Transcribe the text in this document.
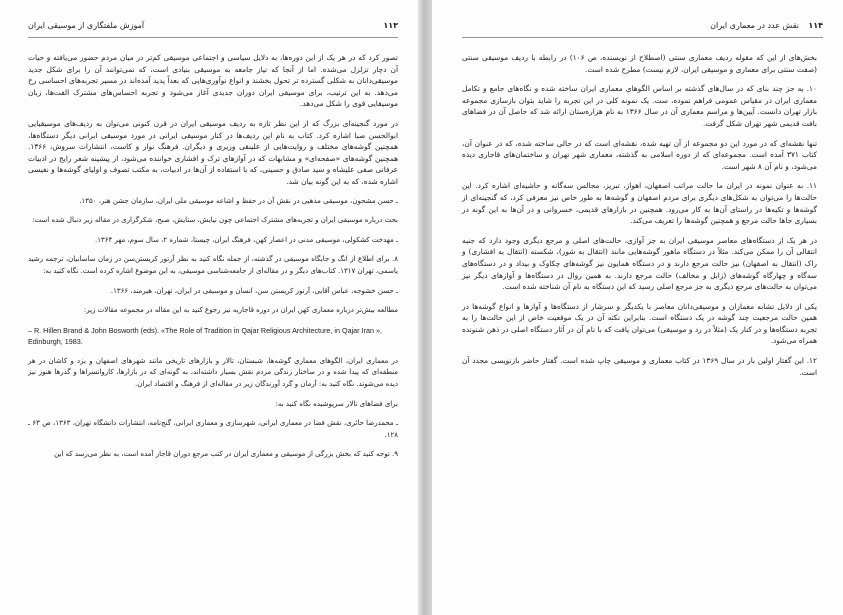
۱۱۳
آموزش ملفتگاری از موسیقی ایران

تصور کرد که در هر یک از این دوره‌ها، به دلایل سیاسی و اجتماعی موسیقی کم‌تر در میان مردم حضور می‌یافته و حیات آن دچار تزلزل می‌شده. اما از آنجا که نیاز جامعه به موسیقی بنیادی است، که نمی‌توانند آن را برای شکل جدید موسیقی‌دانان به شکلی گسترده تر تحول بخشند و انواع نوآوری‌هایی که بعداً پدید آمده‌اند در مسیر تجربه‌های احساسی رخ می‌دهد. به این ترتیب، برای موسیقی ایران دوران جدیدی آغاز می‌شود و تجربه احساس‌های مشترک الفت‌ها، زبان موسیقایی قوی را شکل می‌دهد.

در مورد گنجینه‌ای بزرگ که از این نظر تازه به ردیف موسیقی ایران در قرن کنونی می‌توان به ردیف‌های موسیقیایی ابوالحسن صبا اشاره کرد. کتاب به نام این ردیف‌ها در کنار موسیقی ایرانی در مورد موسیقی ایرانی دیگر دستگاه‌ها، همچنین گوشه‌های مختلف و روایت‌هایی از علینقی وزیری و دیگران. فرهنگ نوار و کاست، انتشارات سروش، ۱۳۶۶. همچنین گوشه‌های «صفحه‌ای» و مشابهات که در آوازهای ترک و افشاری خواننده می‌شود، از پیشینه شعر رایج در ادبیات عرفانی صفی علیشاه و سید صادق و حسینی، که با استفاده از آن‌ها در ادبیات، به مکتب تصوف و اولیای گوشه‌ها و نفیسی اشاره شده، که به این گونه بیان شد.

ـ حسن مشحون، موسیقی مذهبی در نقش آن در حفظ و اشاعه موسیقی ملی ایران، سازمان جشن هنر، ۱۳۵۰.

بحث درباره موسیقی ایران و تجربه‌های مشترک اجتماعی چون نیایش، ستایش، صبح، شکرگزاری در مقاله زیر دنبال شده است:

ـ مهدخت کشکولی، موسیقی مدنی در اعصار کهن، فرهنگ ایران، چیستا، شماره ۲، سال سوم، مهر ۱۳۶۴.

۸. برای اطلاع از انگ و جایگاه موسیقی در گذشته، از جمله نگاه کنید به نظر آرتور کریستن‌سن در زمان ساسانیان، ترجمه رشید یاسمی، تهران ۱۳۱۷. کتاب‌های دیگر و در مقاله‌ای از جامعه‌شناسی موسیقی، به این موضوع اشاره کرده است. نگاه کنید به:

ـ حسن خشوجه، عباس آقایی، آرتور کریستن سن، انسان و موسیقی در ایران، تهران، هیرمند، ۱۳۶۶.

مطالعه بیش‌تر درباره معماری کهن ایران در دوره قاجاریه نیز رجوع کنید به این مقاله در مجموعه مقالات زیر:

– R. Hillen Brand & John Bosworth (eds). «The Role of Tradition in Qajar Religious Architecture, in Qajar Iran », Edinburgh, 1983.

در معماری ایران، الگوهای معماری گوشه‌ها، شبستان، تالار و بازارهای تاریخی مانند شهرهای اصفهان و یزد و کاشان در هر منطقه‌ای که پیدا شده و در ساختار زندگی مردم نقش بسیار داشته‌اند، به گونه‌ای که در بازارها، کاروانسراها و گذرها هنوز نیز دیده می‌شوند. نگاه کنید به: آرمان و گرد آورندگان زیر در مقاله‌ای از فرهنگ و اقتصاد ایران.

برای فضاهای تالار سرپوشیده نگاه کنید به:

ـ محمدرضا حائری، نقش فضا در معماری ایرانی، شهرسازی و معماری ایرانی، گنج‌نامه، انتشارات دانشگاه تهران، ۱۳۶۳، ص ۶۳ ـ ۱۲۸.

۹. توجه کنید که بخش بزرگی از موسیقی و معماری ایران در کتب مرجع دوران قاجار آمده است، به نظر می‌رسد که این

۱۱۴
نقش عدد در معماری ایران

بخش‌های از این که مقوله ردیف معماری سنتی (اصطلاح از نویسنده، ص ۱۰۶) در رابطه با ردیف موسیقی سنتی (صفت سنتی برای معماری و موسیقی ایران، لازم نیست) مطرح شده است.

۱۰. به جز چند بنای که در سال‌های گذشته بر اساس الگوهای معماری ایران ساخته شده و نگاه‌های جامع و تکامل معماری ایران در مقیاس عمومی فراهم نموده، ‌ست. یک نمونه کلی در این تجربه را شاید بتوان بازسازی مجموعه بازار تهران دانست. آیین‌ها و مراسم معماری آن در سال ۱۳۶۶ به نام هزاره‌ستان ارائه شد که حاصل آن در فضاهای بافت قدیمی شهر تهران شکل گرفت.

تنها نقشه‌ای که در مورد این دو مجموعه از آن تهیه شده، نقشه‌ای است که در حالی ساخته شده، که در عنوان آن، کتاب ۳۷۱ آمده است. مجموعه‌ای که از دوره اسلامی به گذشته، معماری شهر تهران و ساختمان‌های قاجاری دیده می‌شود، و نام آن ۸ شهر است.

۱۱. به عنوان نمونه در ایران ما حالت مراتب اصفهان، اهواز، تبریز، مجالس سه‌گانه و حاشیه‌ای اشاره کرد. این حالت‌ها را می‌توان به شکل‌های دیگری برای مردم اصفهان و گوشه‌ها به طور خاص نیز معرفی کرد، که گنجینه‌ای از گوشه‌ها و تکیه‌ها در راستای آن‌ها به کار می‌رود. همچنین در بازارهای قدیمی، خسروانی و در آن‌ها به این گونه در بسیاری جاها حالت مرجع و همچنین گوشه‌ها را تعریف می‌کند.

در هر یک از دستگاه‌های معاصر موسیقی ایران به جز آوازی، حالت‌های اصلی و مرجع دیگری وجود دارد که جنبه انتقالی آن را ممکن می‌کند. مثلاً در دستگاه ماهور گوشه‌هایی مانند (انتقال به شور)، شکسته (انتقال به افشاری) و راک (انتقال به اصفهان) نیز حالت مرجع دارند و در دستگاه همایون نیز گوشه‌های چکاوک و بیداد و در دستگاه‌های سه‌گاه و چهارگاه گوشه‌های (زابل و مخالف) حالت مرجع دارند. به همین روال در دستگاه‌ها و آوازهای دیگر نیز می‌توان به حالت‌های مرجع دیگری به جز مرجع اصلی رسید که این دستگاه به نام آن شناخته شده است.

یکی از دلایل تشابه معماران و موسیقی‌دانان معاصر با یکدیگر و سرشار از دستگاه‌ها و آوازها و انواع گوشه‌ها در همین حالت مرجعیت چند گوشه در یک دستگاه است. بنابراین نکته آن در یک موقعیت خاص از این حالت‌ها را به تجربه دستگاه‌ها و در کنار یک (مثلاً در رد و موسیقی) می‌توان یافت که با نام آن در آثار دستگاه اصلی در ذهن شنونده همراه می‌شود.

۱۲. این گفتار اولین بار در سال ۱۳۶۹ در کتاب معماری و موسیقی چاپ شده است. گفتار حاضر بازنویسی مجدد آن است.
